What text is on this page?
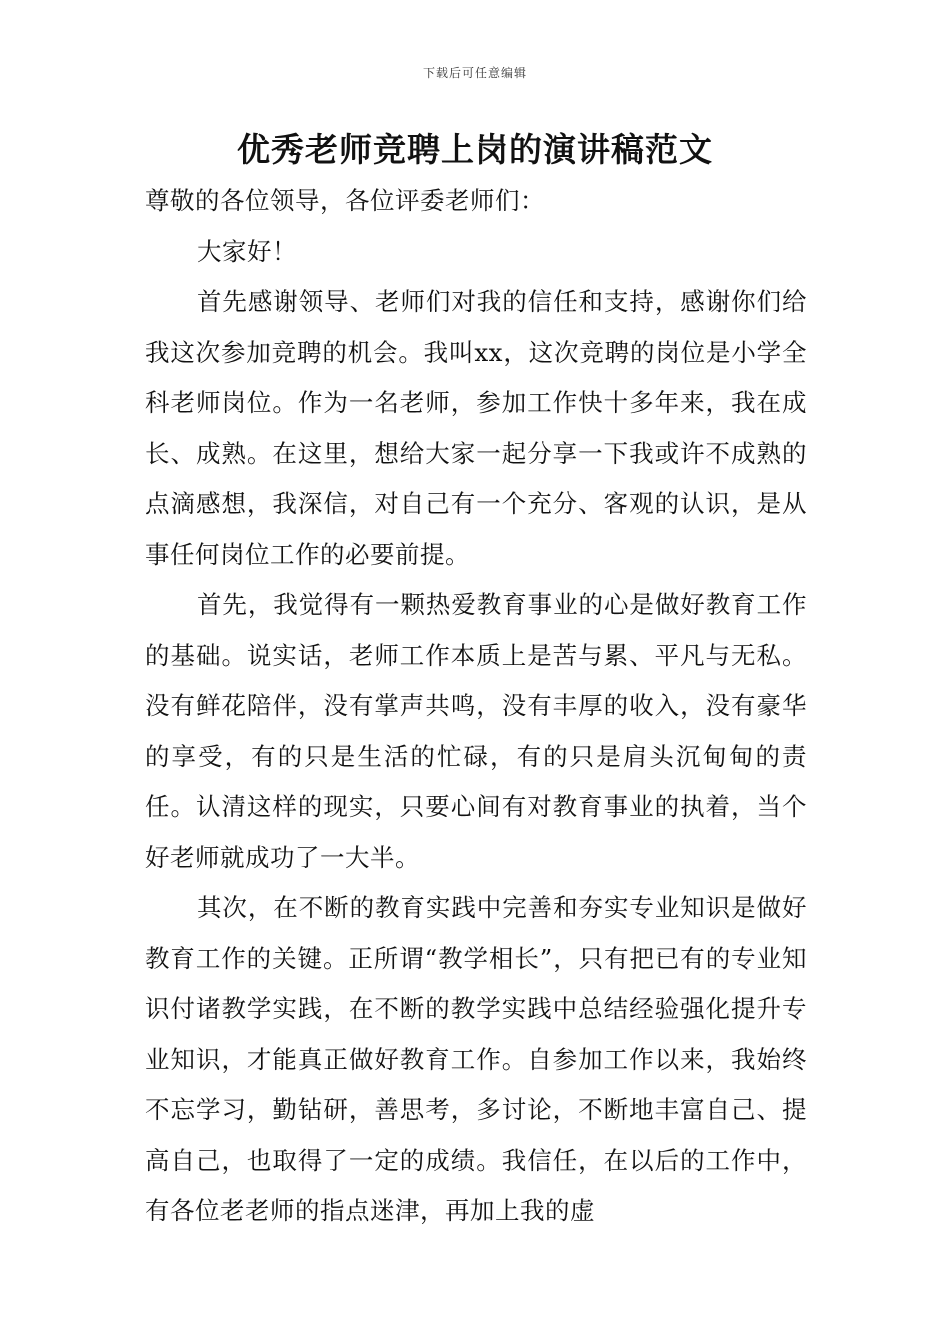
下载后可任意编辑
优秀老师竞聘上岗的演讲稿范文

尊敬的各位领导，各位评委老师们：

大家好！

首先感谢领导、老师们对我的信任和支持，感谢你们给我这次参加竞聘的机会。我叫xx，这次竞聘的岗位是小学全科老师岗位。作为一名老师，参加工作快十多年来，我在成长、成熟。在这里，想给大家一起分享一下我或许不成熟的点滴感想，我深信，对自己有一个充分、客观的认识，是从事任何岗位工作的必要前提。

首先，我觉得有一颗热爱教育事业的心是做好教育工作的基础。说实话，老师工作本质上是苦与累、平凡与无私。没有鲜花陪伴，没有掌声共鸣，没有丰厚的收入，没有豪华的享受，有的只是生活的忙碌，有的只是肩头沉甸甸的责任。认清这样的现实，只要心间有对教育事业的执着，当个好老师就成功了一大半。

其次，在不断的教育实践中完善和夯实专业知识是做好教育工作的关键。正所谓“教学相长”，只有把已有的专业知识付诸教学实践，在不断的教学实践中总结经验强化提升专业知识，才能真正做好教育工作。自参加工作以来，我始终不忘学习，勤钻研，善思考，多讨论，不断地丰富自己、提高自己，也取得了一定的成绩。我信任，在以后的工作中，有各位老老师的指点迷津，再加上我的虚
